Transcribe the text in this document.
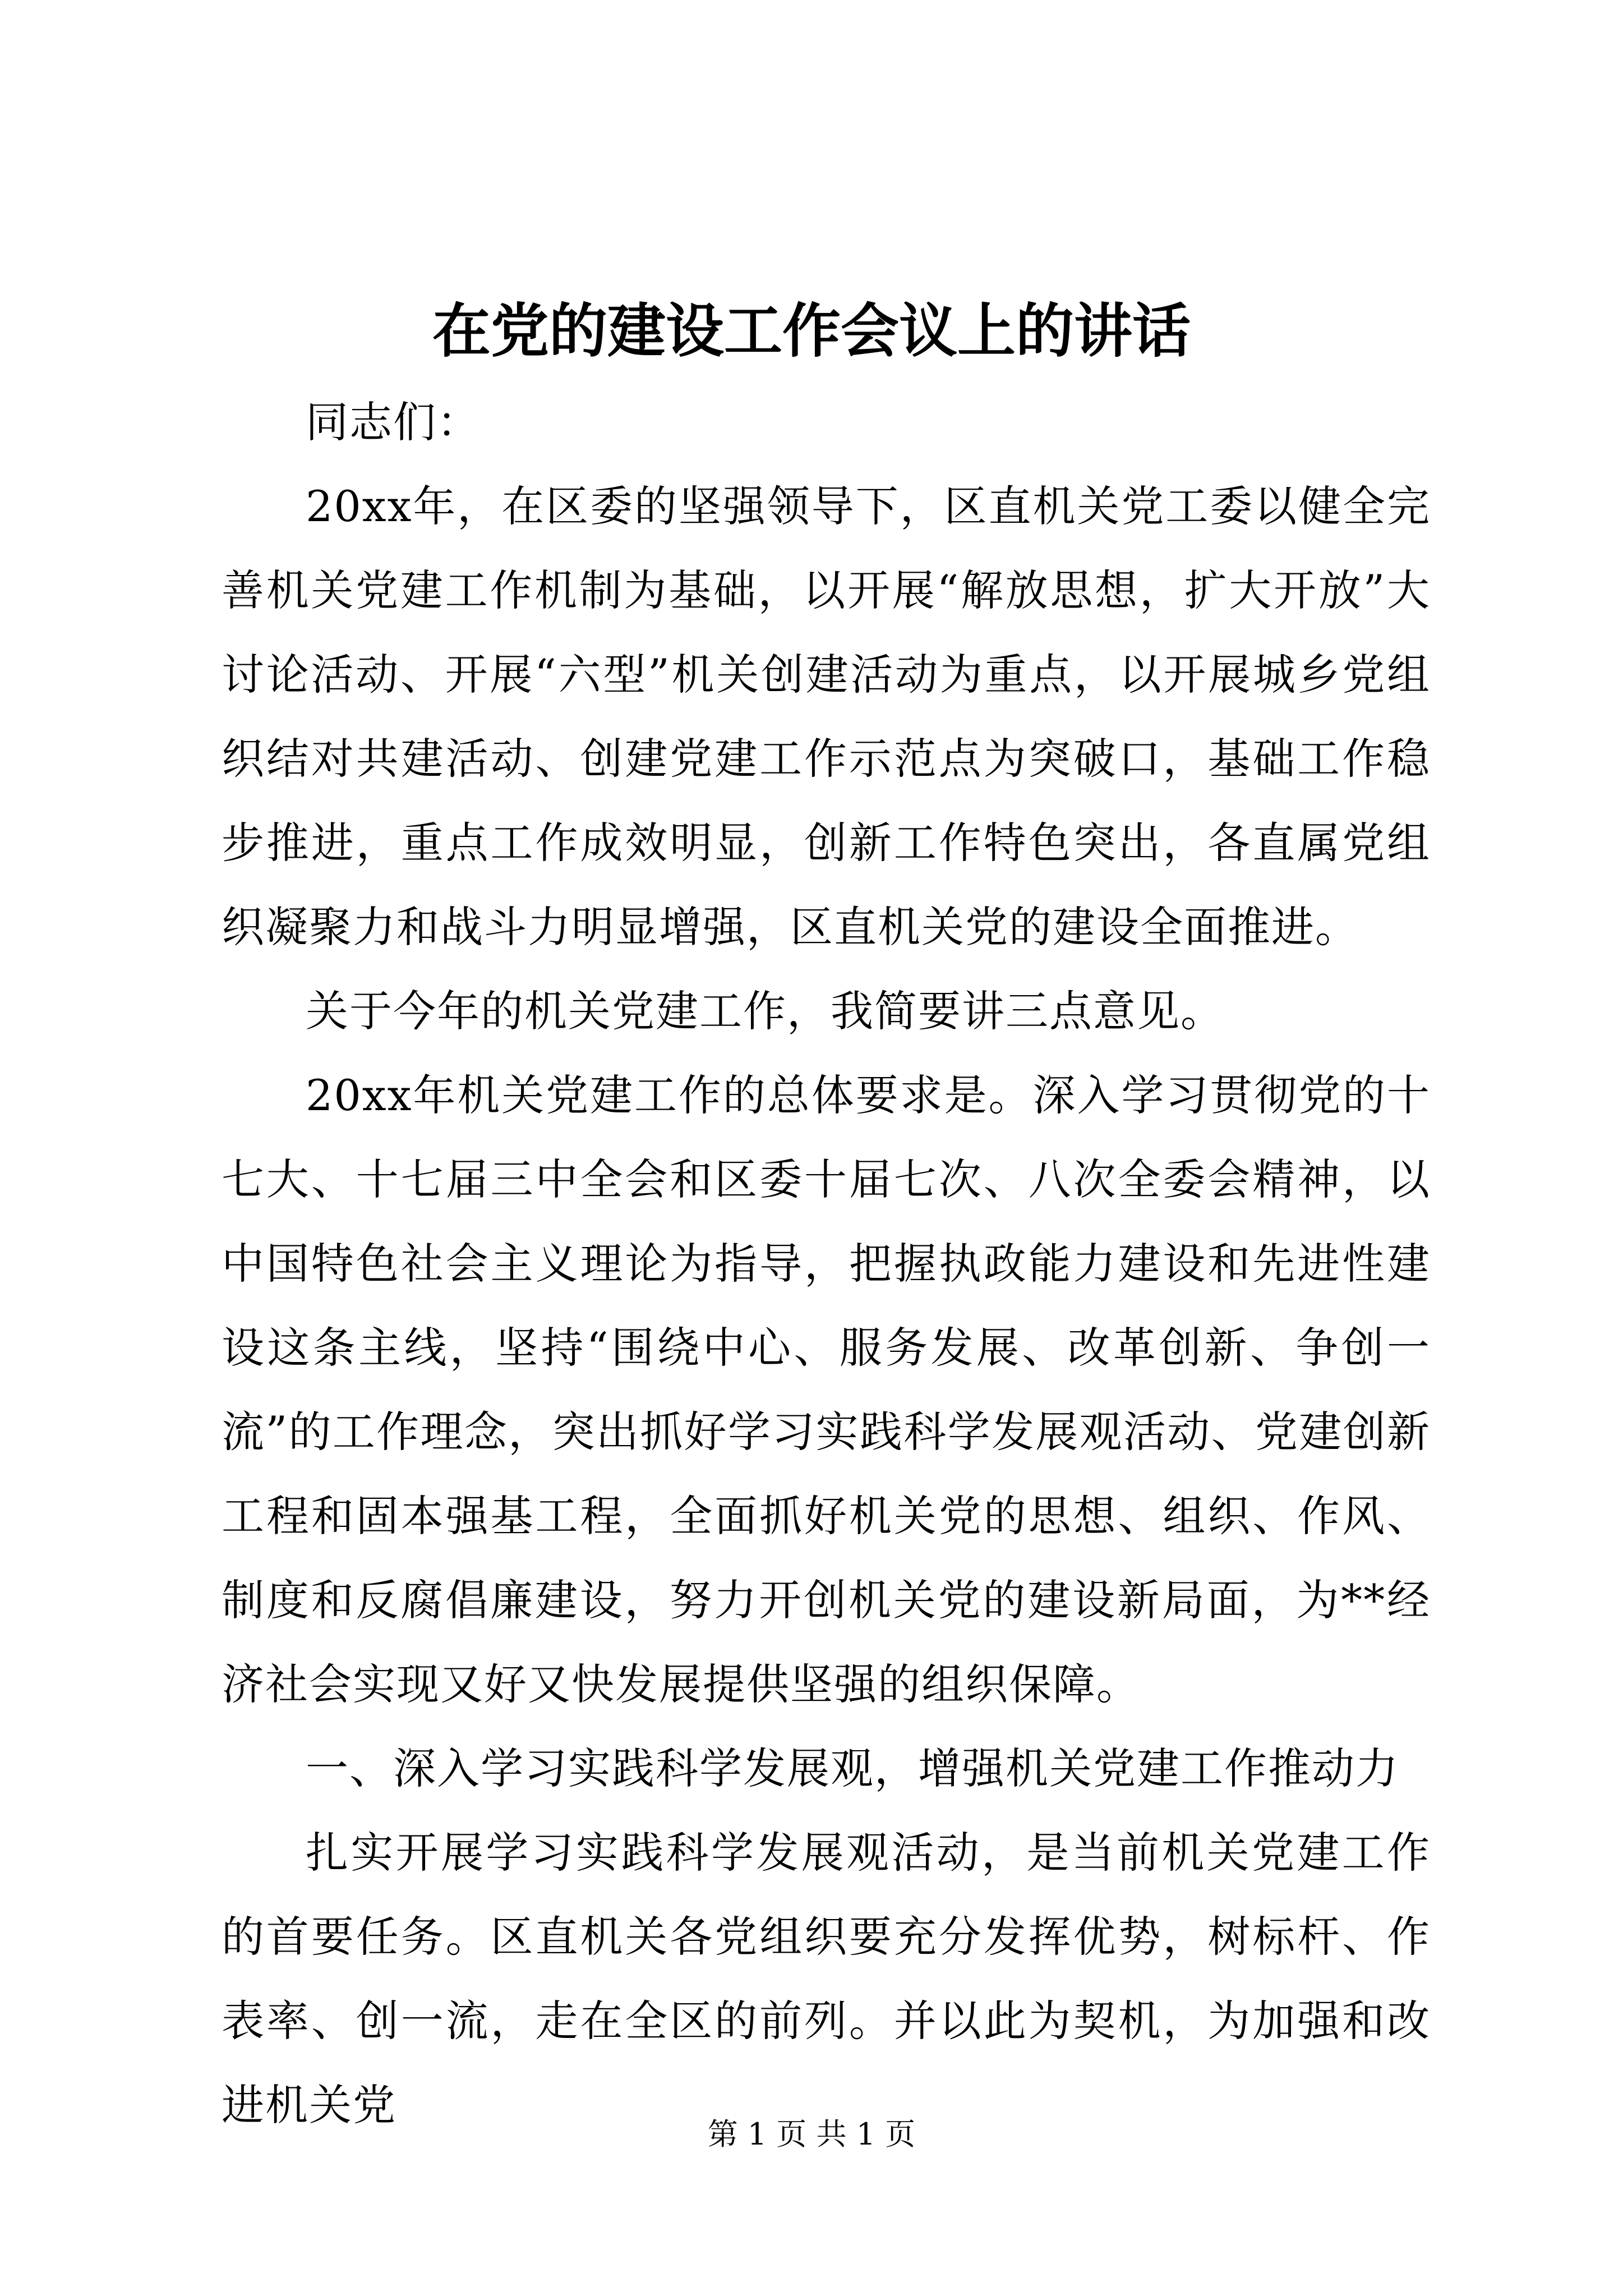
在党的建设工作会议上的讲话

同志们：

20xx年，在区委的坚强领导下，区直机关党工委以健全完善机关党建工作机制为基础，以开展“解放思想，扩大开放”大讨论活动、开展“六型”机关创建活动为重点，以开展城乡党组织结对共建活动、创建党建工作示范点为突破口，基础工作稳步推进，重点工作成效明显，创新工作特色突出，各直属党组织凝聚力和战斗力明显增强，区直机关党的建设全面推进。

关于今年的机关党建工作，我简要讲三点意见。

20xx年机关党建工作的总体要求是。深入学习贯彻党的十七大、十七届三中全会和区委十届七次、八次全委会精神，以中国特色社会主义理论为指导，把握执政能力建设和先进性建设这条主线，坚持“围绕中心、服务发展、改革创新、争创一流”的工作理念，突出抓好学习实践科学发展观活动、党建创新工程和固本强基工程，全面抓好机关党的思想、组织、作风、制度和反腐倡廉建设，努力开创机关党的建设新局面，为**经济社会实现又好又快发展提供坚强的组织保障。

一、深入学习实践科学发展观，增强机关党建工作推动力

扎实开展学习实践科学发展观活动，是当前机关党建工作的首要任务。区直机关各党组织要充分发挥优势，树标杆、作表率、创一流，走在全区的前列。并以此为契机，为加强和改进机关党

第 1 页 共 1 页
